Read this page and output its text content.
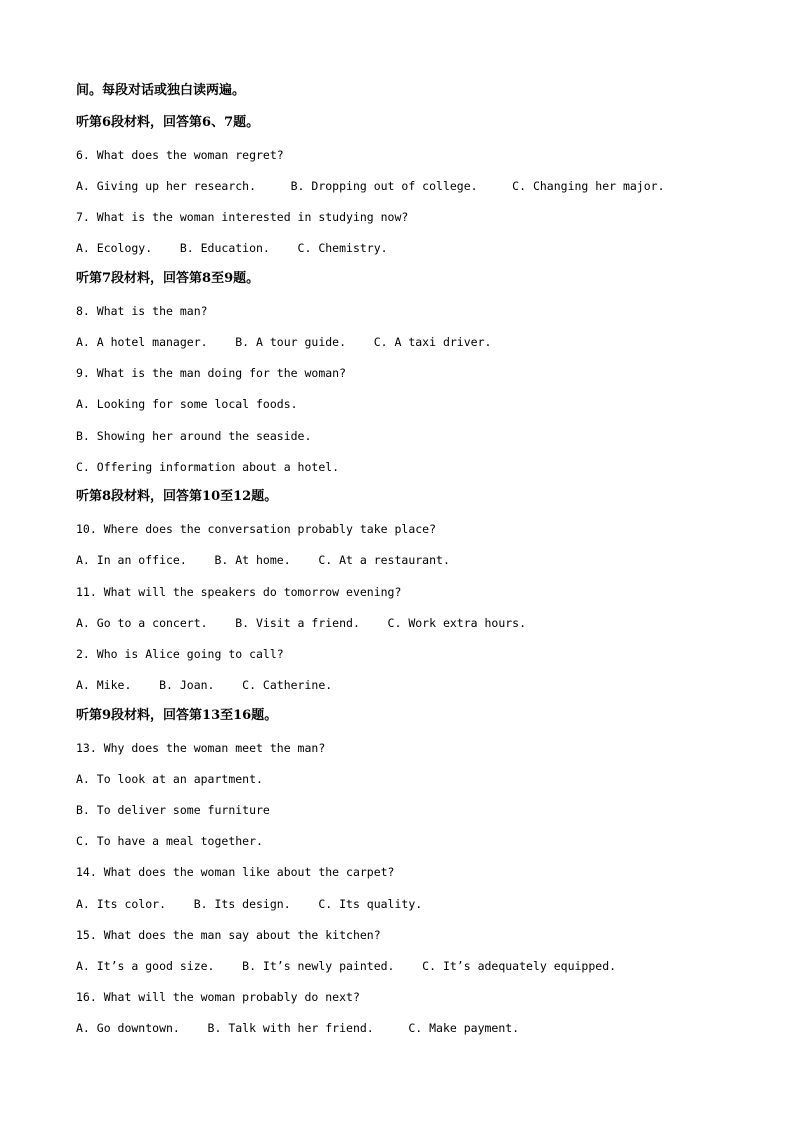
间。每段对话或独白读两遍。
听第6段材料，回答第6、7题。
6. What does the woman regret?
A. Giving up her research.     B. Dropping out of college.     C. Changing her major.
7. What is the woman interested in studying now?
A. Ecology.    B. Education.    C. Chemistry.
听第7段材料，回答第8至9题。
8. What is the man?
A. A hotel manager.    B. A tour guide.    C. A taxi driver.
9. What is the man doing for the woman?
A. Looking for some local foods.
B. Showing her around the seaside.
C. Offering information about a hotel.
听第8段材料，回答第10至12题。
10. Where does the conversation probably take place?
A. In an office.    B. At home.    C. At a restaurant.
11. What will the speakers do tomorrow evening?
A. Go to a concert.    B. Visit a friend.    C. Work extra hours.
2. Who is Alice going to call?
A. Mike.    B. Joan.    C. Catherine.
听第9段材料，回答第13至16题。
13. Why does the woman meet the man?
A. To look at an apartment.
B. To deliver some furniture
C. To have a meal together.
14. What does the woman like about the carpet?
A. Its color.    B. Its design.    C. Its quality.
15. What does the man say about the kitchen?
A. It’s a good size.    B. It’s newly painted.    C. It’s adequately equipped.
16. What will the woman probably do next?
A. Go downtown.    B. Talk with her friend.     C. Make payment.
